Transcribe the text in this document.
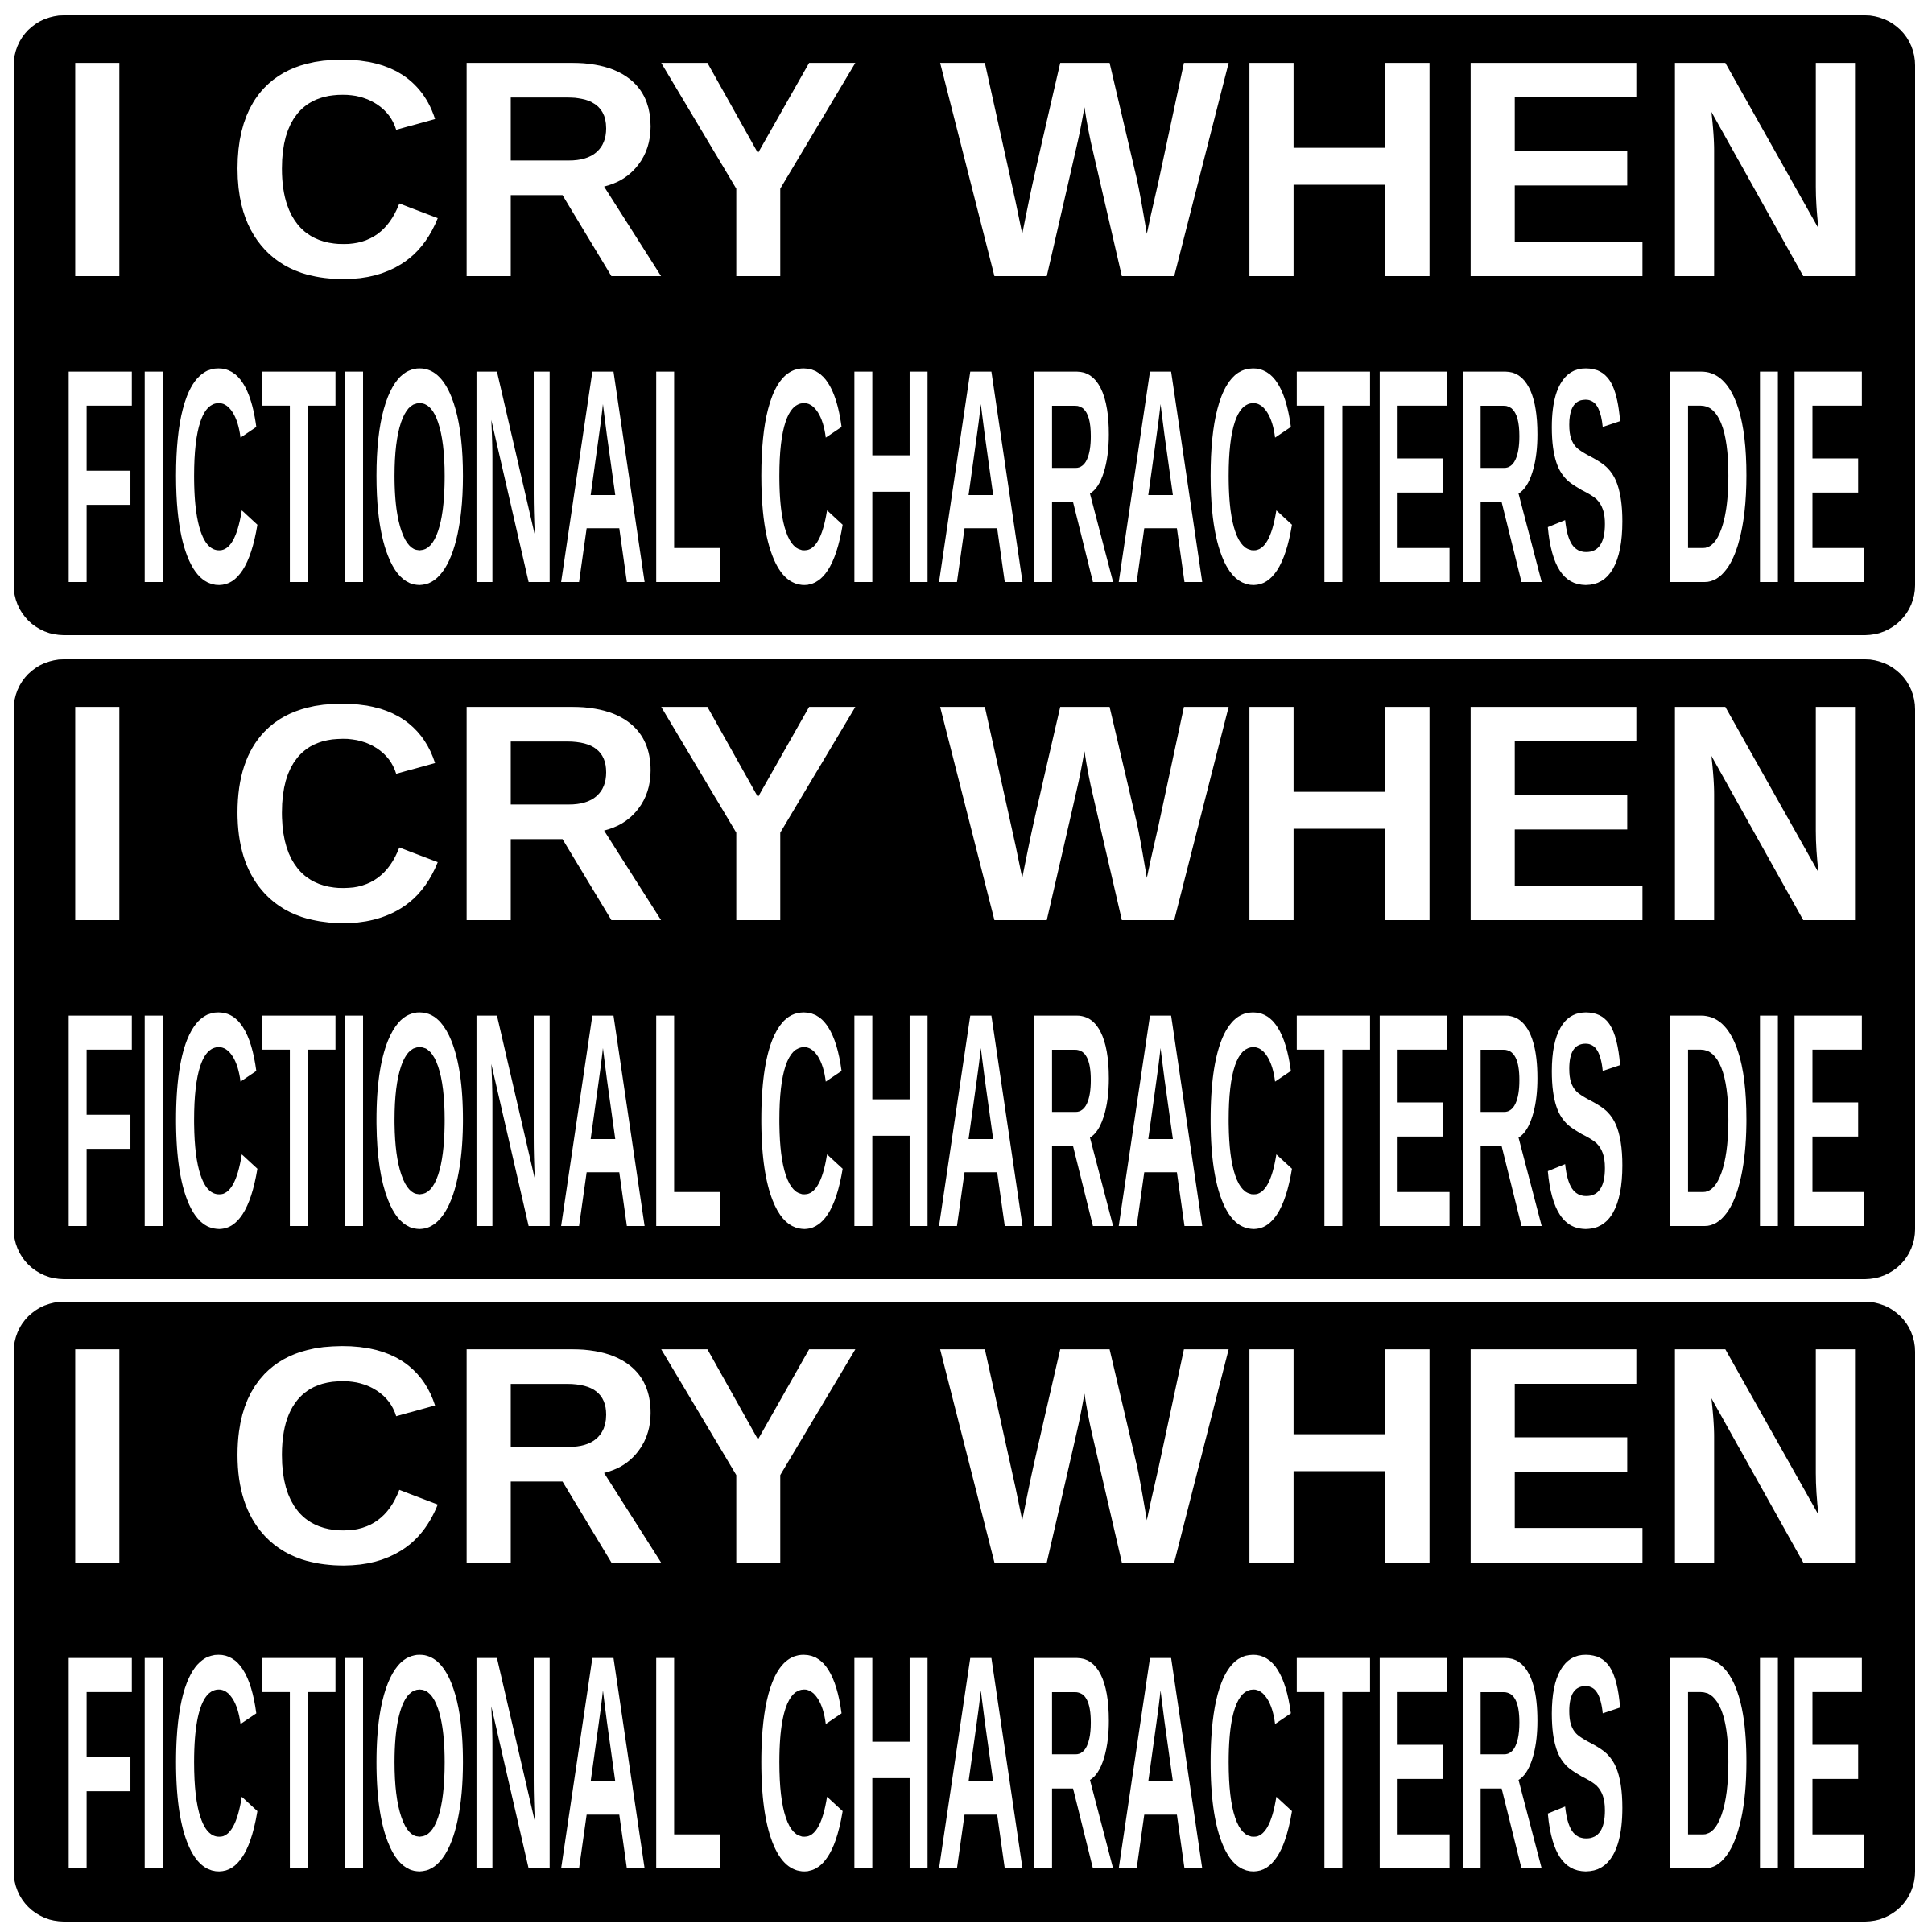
I CRY WHEN
FICTIONAL CHARACTERS DIE
I CRY WHEN
FICTIONAL CHARACTERS DIE
I CRY WHEN
FICTIONAL CHARACTERS DIE
